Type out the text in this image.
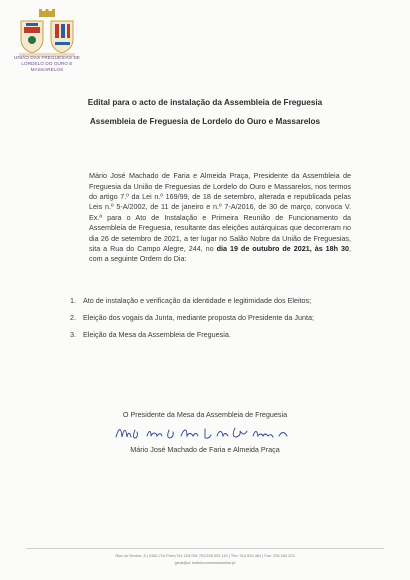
UNIÃO DAS FREGUESIAS DE
LORDELO DO OURO E MASSARELOS
Edital para o acto de instalação da Assembleia de Freguesia
Assembleia de Freguesia de Lordelo do Ouro e Massarelos

Mário José Machado de Faria e Almeida Praça, Presidente da Assembleia de Freguesia da União de Freguesias de Lordelo do Ouro e Massarelos, nos termos do artigo 7.º da Lei n.º 169/99, de 18 de setembro, alterada e republicada pelas Leis n.º 5-A/2002, de 11 de janeiro e n.º 7-A/2016, de 30 de março, convoca V. Ex.ª para o Ato de Instalação e Primeira Reunião de Funcionamento da Assembleia de Freguesia, resultante das eleições autárquicas que decorreram no dia 26 de setembro de 2021, a ter lugar no Salão Nobre da União de Freguesias, sita a Rua do Campo Alegre, 244, no dia 19 de outubro de 2021, às 18h 30, com a seguinte Ordem do Dia:

1. Ato de instalação e verificação da identidade e legitimidade dos Eleitos;
2. Eleição dos vogais da Junta, mediante proposta do Presidente da Junta;
3. Eleição da Mesa da Assembleia de Freguesia.
O Presidente da Mesa da Assembleia de Freguesia
Mário José Machado de Faria e Almeida Praça
Rua do Senhor, 8 | 4150-710 Porto Tel: 226 091 702/226 091 110 | Tlm: 914 534 461 | Fax: 226 183 223
geral@uf-lordeloouromassarelos.pt
